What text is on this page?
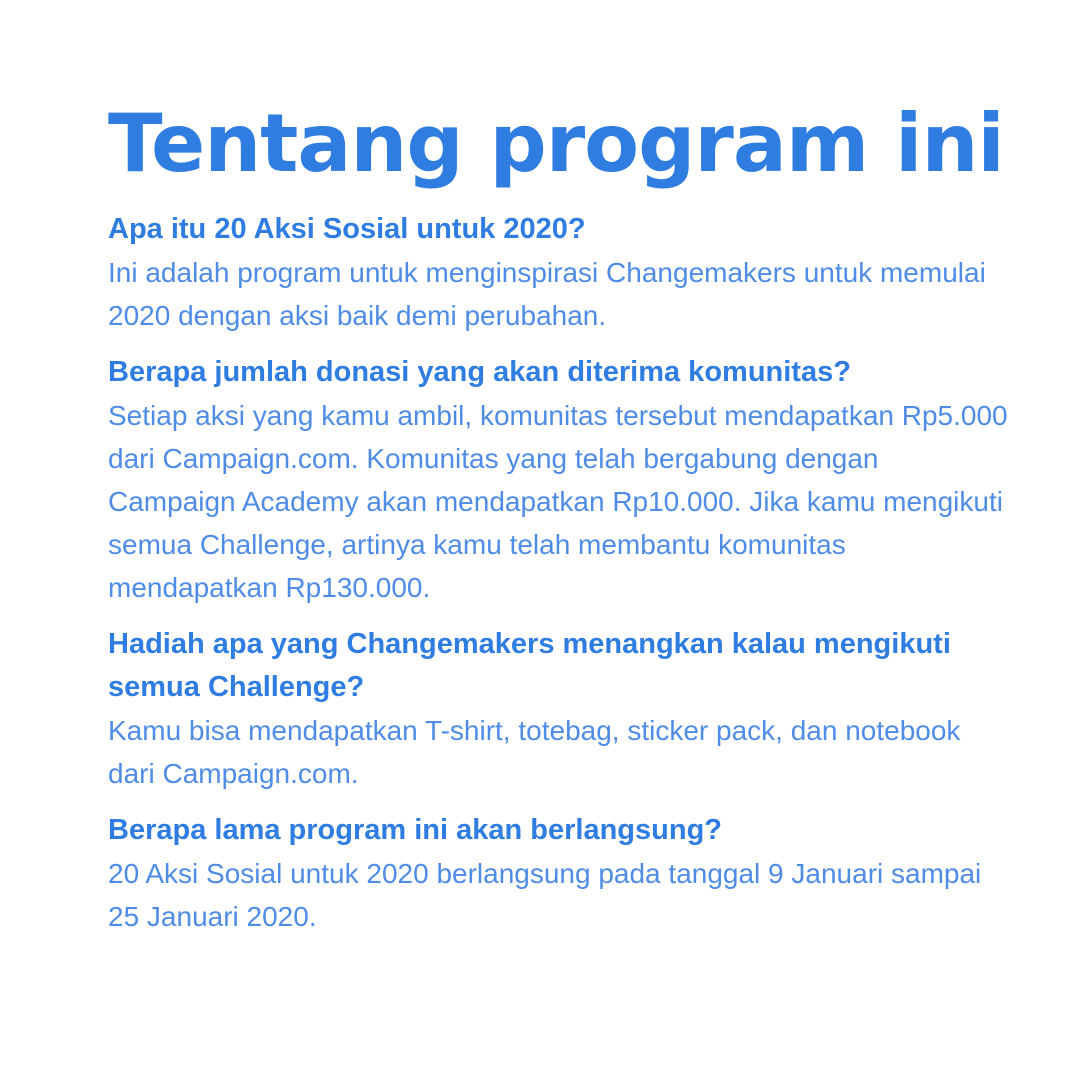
Tentang program ini

Apa itu 20 Aksi Sosial untuk 2020?

Ini adalah program untuk menginspirasi Changemakers untuk memulai 2020 dengan aksi baik demi perubahan.

Berapa jumlah donasi yang akan diterima komunitas?

Setiap aksi yang kamu ambil, komunitas tersebut mendapatkan Rp5.000 dari Campaign.com. Komunitas yang telah bergabung dengan Campaign Academy akan mendapatkan Rp10.000. Jika kamu mengikuti semua Challenge, artinya kamu telah membantu komunitas mendapatkan Rp130.000.

Hadiah apa yang Changemakers menangkan kalau mengikuti semua Challenge?

Kamu bisa mendapatkan T-shirt, totebag, sticker pack, dan notebook dari Campaign.com.

Berapa lama program ini akan berlangsung?

20 Aksi Sosial untuk 2020 berlangsung pada tanggal 9 Januari sampai 25 Januari 2020.
